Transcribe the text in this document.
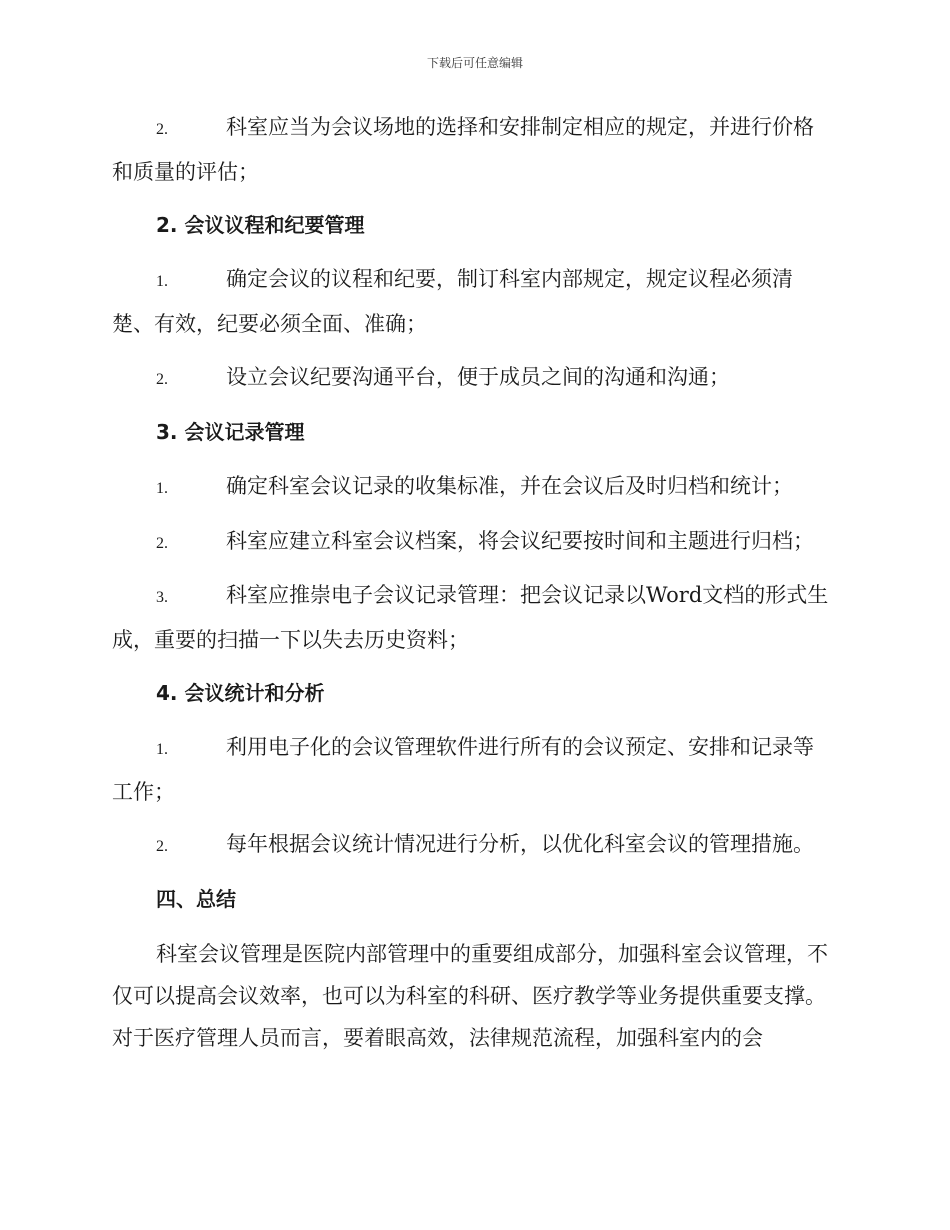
下载后可任意编辑

2.	科室应当为会议场地的选择和安排制定相应的规定，并进行价格和质量的评估；

2. 会议议程和纪要管理

1.	确定会议的议程和纪要，制订科室内部规定，规定议程必须清楚、有效，纪要必须全面、准确；

2.	设立会议纪要沟通平台，便于成员之间的沟通和沟通；

3. 会议记录管理

1.	确定科室会议记录的收集标准，并在会议后及时归档和统计；

2.	科室应建立科室会议档案，将会议纪要按时间和主题进行归档；

3.	科室应推崇电子会议记录管理：把会议记录以Word文档的形式生成，重要的扫描一下以失去历史资料；

4. 会议统计和分析

1.	利用电子化的会议管理软件进行所有的会议预定、安排和记录等工作；

2.	每年根据会议统计情况进行分析，以优化科室会议的管理措施。

四、总结
科室会议管理是医院内部管理中的重要组成部分，加强科室会议管理，不仅可以提高会议效率，也可以为科室的科研、医疗教学等业务提供重要支撑。对于医疗管理人员而言，要着眼高效，法律规范流程，加强科室内的会
